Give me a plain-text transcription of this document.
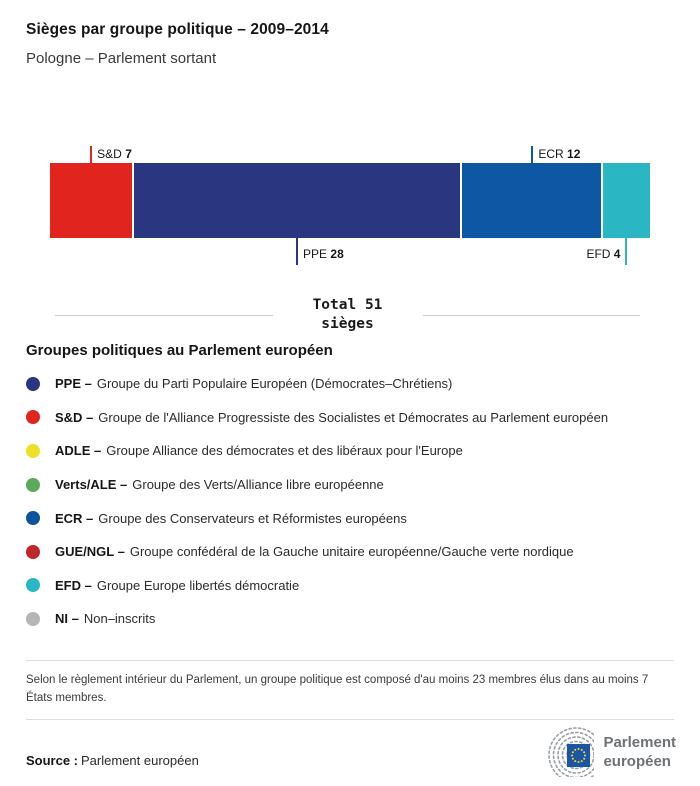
Sièges par groupe politique – 2009–2014
Pologne – Parlement sortant
S&D 7
PPE 28
ECR 12
EFD 4
Total 51
sièges
Groupes politiques au Parlement européen
PPE – Groupe du Parti Populaire Européen (Démocrates–Chrétiens)
S&D – Groupe de l'Alliance Progressiste des Socialistes et Démocrates au Parlement européen
ADLE – Groupe Alliance des démocrates et des libéraux pour l'Europe
Verts/ALE – Groupe des Verts/Alliance libre européenne
ECR – Groupe des Conservateurs et Réformistes européens
GUE/NGL – Groupe confédéral de la Gauche unitaire européenne/Gauche verte nordique
EFD – Groupe Europe libertés démocratie
NI – Non–inscrits
Selon le règlement intérieur du Parlement, un groupe politique est composé d'au moins 23 membres élus dans au moins 7 États membres.
Source : Parlement européen
Parlement
européen
